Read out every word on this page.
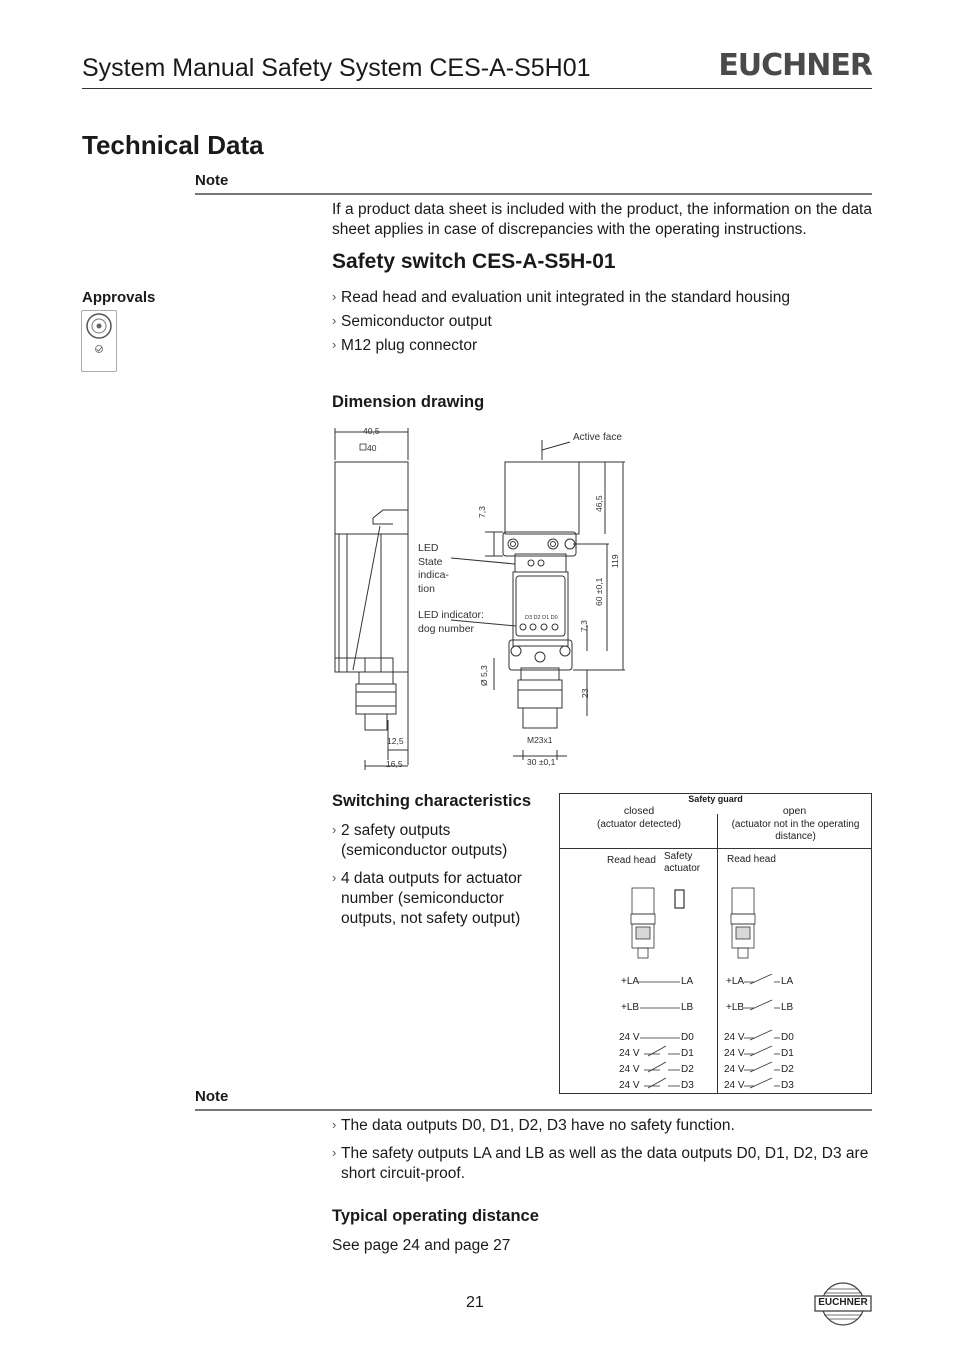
System Manual Safety System CES-A-S5H01	EUCHNER
Technical Data
Note
If a product data sheet is included with the product, the information on the data sheet applies in case of discrepancies with the operating instructions.
Safety switch CES-A-S5H-01
Approvals
›	Read head and evaluation unit integrated in the standard housing
› Semiconductor output
› M12 plug connector
Dimension drawing
40,5
40
Active face
7,3
46,5
119
60 ±0,1
7,3
Ø 5,3
23
D3 D2 D1 D0
M23x1
12,5
16,5	30 ±0,1
LED State indica- tion
LED indicator: dog number
Switching characteristics
› 2 safety outputs (semiconductor outputs)
› 4 data outputs for actuator number (semiconductor outputs, not safety output)
Safety guard
closed
(actuator detected)
open
(actuator not in the operating distance)
Read head Safety actuator
Read head
+LA	LA
+LB	LB
24 V	D0
24 V	D1
24 V	D2
24 V	D3
+LA	LA
+LB	LB
24 V	D0
24 V	D1
24 V	D2
24 V	D3
Note
› The data outputs D0, D1, D2, D3 have no safety function.
› The safety outputs LA and LB as well as the data outputs D0, D1, D2, D3 are short circuit-proof.
Typical operating distance
See page 24 and page 27
21	EUCHNER
